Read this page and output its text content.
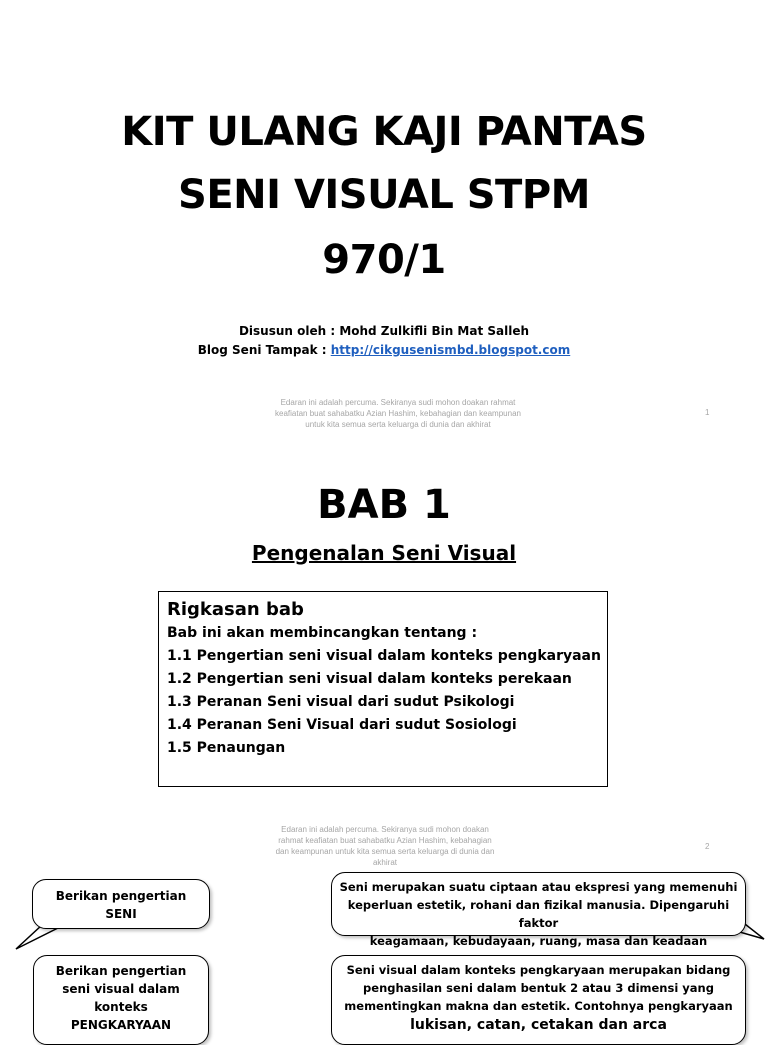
KIT ULANG KAJI PANTAS
SENI VISUAL STPM
970/1
Disusun oleh : Mohd Zulkifli Bin Mat Salleh
Blog Seni Tampak : http://cikgusenismbd.blogspot.com
Edaran ini adalah percuma. Sekiranya sudi mohon doakan rahmat
keafiatan buat sahabatku Azian Hashim, kebahagian dan keampunan
untuk kita semua serta keluarga di dunia dan akhirat
1
BAB 1
Pengenalan Seni Visual
Rigkasan bab
Bab ini akan membincangkan tentang :
1.1 Pengertian seni visual dalam konteks pengkaryaan
1.2 Pengertian seni visual dalam konteks perekaan
1.3 Peranan Seni visual dari sudut Psikologi
1.4 Peranan Seni Visual dari sudut Sosiologi
1.5 Penaungan
Edaran ini adalah percuma. Sekiranya sudi mohon doakan
rahmat keafiatan buat sahabatku Azian Hashim, kebahagian
dan keampunan untuk kita semua serta keluarga di dunia dan
akhirat
2
Berikan pengertian
SENI
Seni merupakan suatu ciptaan atau ekspresi yang memenuhi
keperluan estetik, rohani dan fizikal manusia. Dipengaruhi faktor
keagamaan, kebudayaan, ruang, masa dan keadaan
Berikan pengertian
seni visual dalam
konteks
PENGKARYAAN
Seni visual dalam konteks pengkaryaan merupakan bidang
penghasilan seni dalam bentuk 2 atau 3 dimensi yang
mementingkan makna dan estetik. Contohnya pengkaryaan
lukisan, catan, cetakan dan arca
